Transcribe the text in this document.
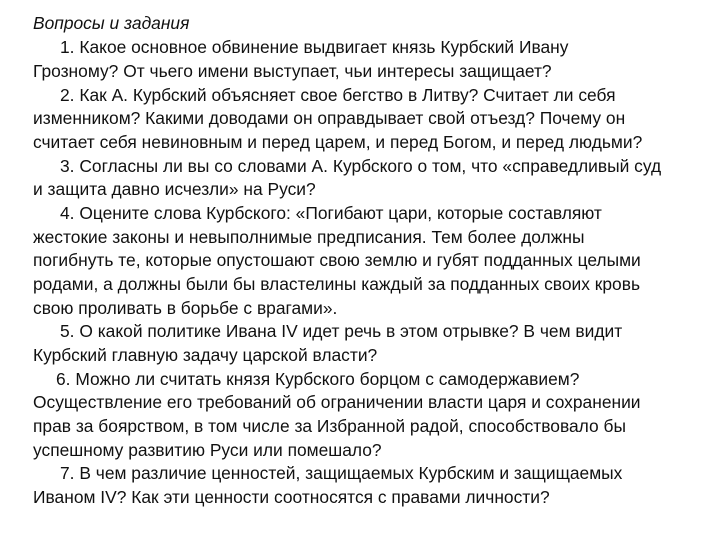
Вопросы и задания
1. Какое основное обвинение выдвигает князь Курбский Ивану
Грозному? От чьего имени выступает, чьи интересы защищает?
2. Как А. Курбский объясняет свое бегство в Литву? Считает ли себя
изменником? Какими доводами он оправдывает свой отъезд? Почему он
считает себя невиновным и перед царем, и перед Богом, и перед людьми?
3. Согласны ли вы со словами А. Курбского о том, что «справедливый суд
и защита давно исчезли» на Руси?
4. Оцените слова Курбского: «Погибают цари, которые составляют
жестокие законы и невыполнимые предписания. Тем более должны
погибнуть те, которые опустошают свою землю и губят подданных целыми
родами, а должны были бы властелины каждый за подданных своих кровь
свою проливать в борьбе с врагами».
5. О какой политике Ивана IV идет речь в этом отрывке? В чем видит
Курбский главную задачу царской власти?
6. Можно ли считать князя Курбского борцом с самодержавием?
Осуществление его требований об ограничении власти царя и сохранении
прав за боярством, в том числе за Избранной радой, способствовало бы
успешному развитию Руси или помешало?
7. В чем различие ценностей, защищаемых Курбским и защищаемых
Иваном IV? Как эти ценности соотносятся с правами личности?
